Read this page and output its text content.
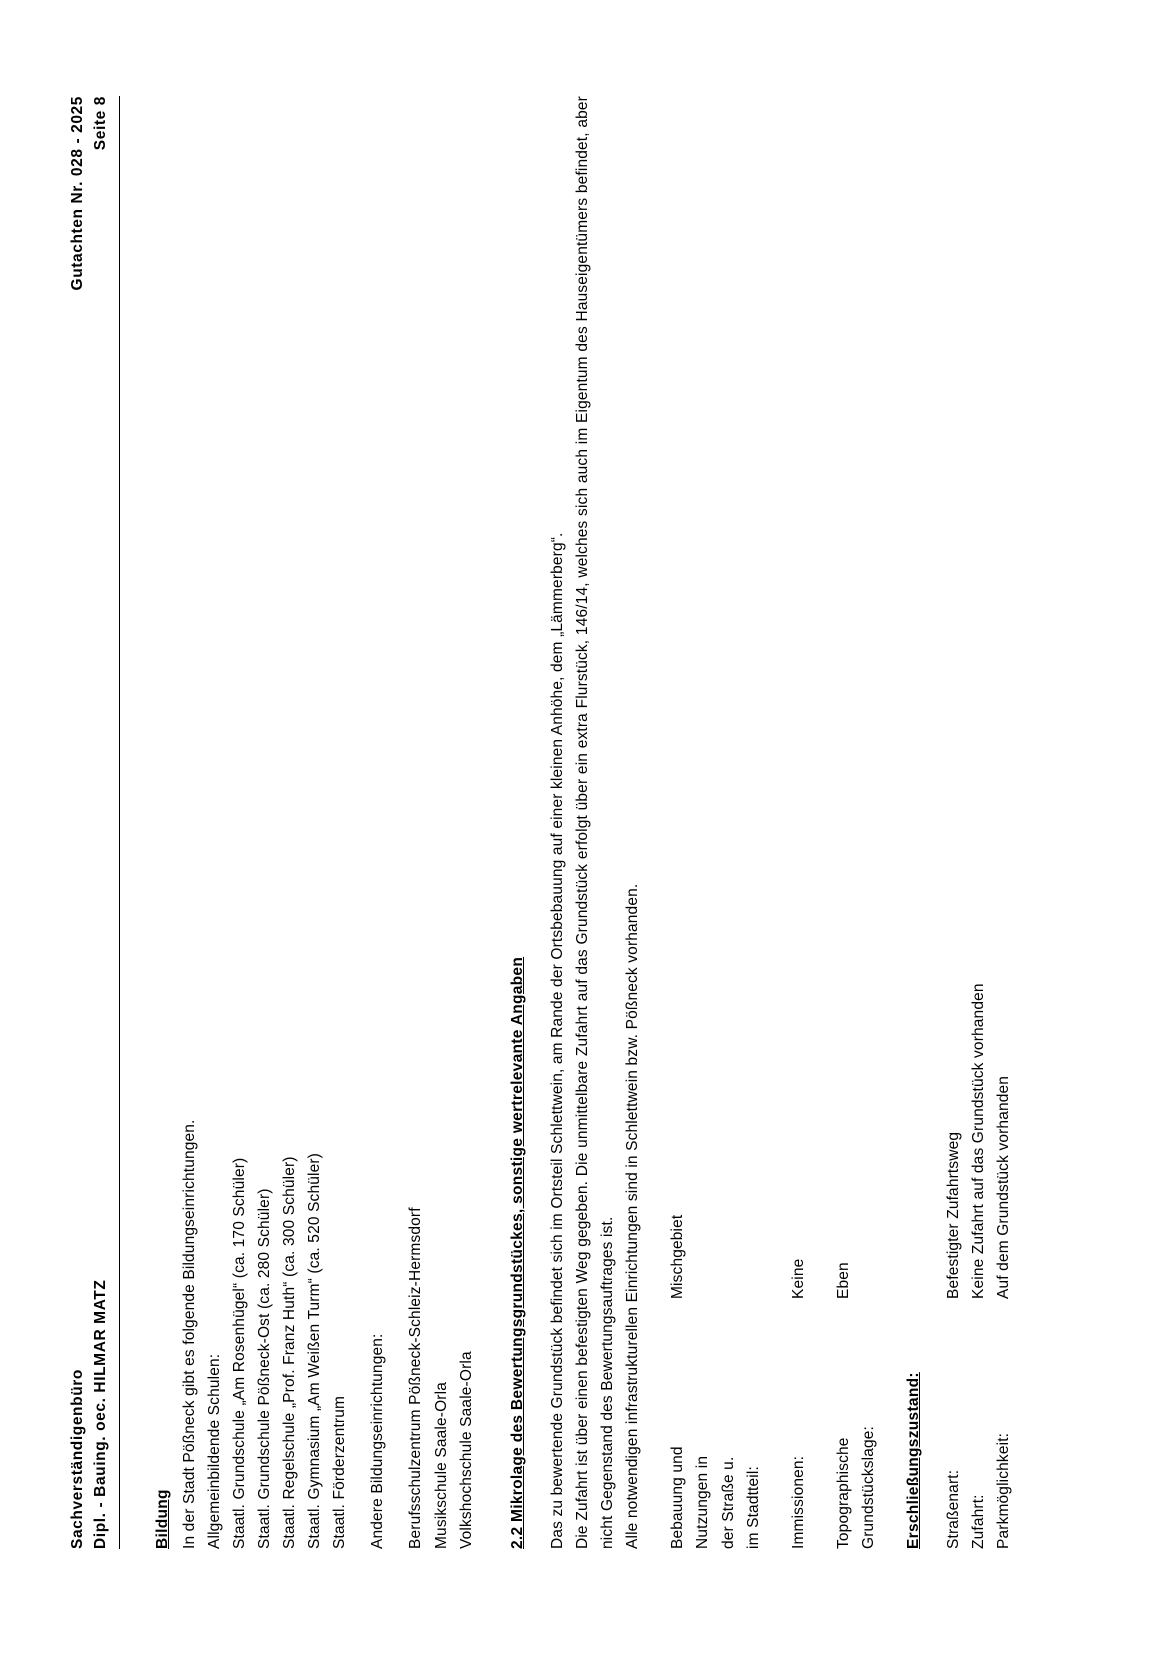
Sachverständigenbüro Dipl. - Bauing. oec. HILMAR MATZ
Gutachten Nr. 028 - 2025 Seite 8
Bildung In der Stadt Pößneck gibt es folgende Bildungseinrichtungen. Allgemeinbildende Schulen: Staatl. Grundschule „Am Rosenhügel“ (ca. 170 Schüler) Staatl. Grundschule Pößneck-Ost (ca. 280 Schüler) Staatl. Regelschule „Prof. Franz Huth“ (ca. 300 Schüler) Staatl. Gymnasium „Am Weißen Turm“ (ca. 520 Schüler) Staatl. Förderzentrum Andere Bildungseinrichtungen: Berufsschulzentrum Pößneck-Schleiz-Hermsdorf Musikschule Saale-Orla Volkshochschule Saale-Orla 2.2 Mikrolage des Bewertungsgrundstückes, sonstige wertrelevante Angaben Das zu bewertende Grundstück befindet sich im Ortsteil Schlettwein, am Rande der Ortsbebauung auf einer kleinen Anhöhe, dem „Lämmerberg“. Die Zufahrt ist über einen befestigten Weg gegeben. Die unmittelbare Zufahrt auf das Grundstück erfolgt über ein extra Flurstück, 146/14, welches sich auch im Eigentum des Hauseigentümers befindet, aber nicht Gegenstand des Bewertungsauftrages ist. Alle notwendigen infrastrukturellen Einrichtungen sind in Schlettwein bzw. Pößneck vorhanden. Bebauung und Nutzungen in der Straße u. im Stadtteil:
Mischgebiet
Immissionen:
Keine
Topographische Grundstückslage:
Eben
Erschließungszustand: Straßenart:
Befestigter Zufahrtsweg
Zufahrt:
Keine Zufahrt auf das Grundstück vorhanden
Parkmöglichkeit:
Auf dem Grundstück vorhanden
